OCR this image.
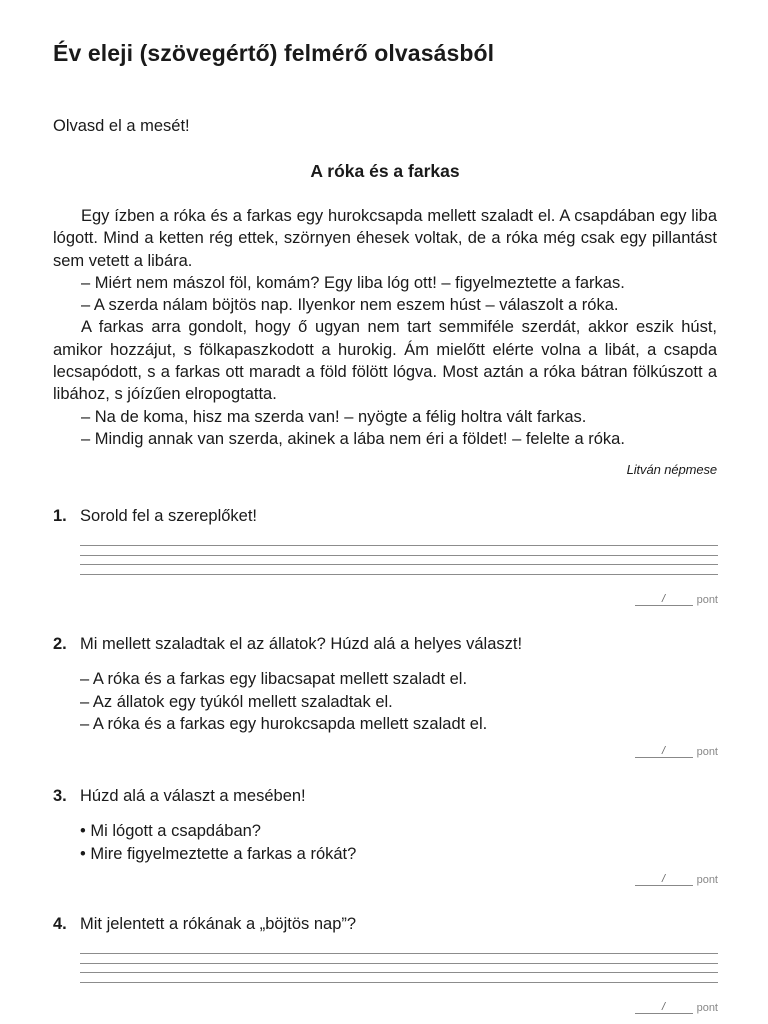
Év eleji (szövegértő) felmérő olvasásból
Olvasd el a mesét!
A róka és a farkas

Egy ízben a róka és a farkas egy hurokcsapda mellett szaladt el. A csapdában egy liba lógott. Mind a ketten rég ettek, szörnyen éhesek voltak, de a róka még csak egy pillantást sem vetett a libára.

– Miért nem mászol föl, komám? Egy liba lóg ott! – figyelmeztette a farkas.

– A szerda nálam böjtös nap. Ilyenkor nem eszem húst – válaszolt a róka.

A farkas arra gondolt, hogy ő ugyan nem tart semmiféle szerdát, akkor eszik húst, amikor hozzájut, s fölkapaszkodott a hurokig. Ám mielőtt elérte volna a libát, a csapda lecsapódott, s a farkas ott maradt a föld fölött lógva. Most aztán a róka bátran fölkúszott a libához, s jóízűen elropogtatta.

– Na de koma, hisz ma szerda van! – nyögte a félig holtra vált farkas.

– Mindig annak van szerda, akinek a lába nem éri a földet! – felelte a róka.

Litván népmese
1. Sorold fel a szereplőket!
/	pont
2. Mi mellett szaladtak el az állatok? Húzd alá a helyes választ!
– A róka és a farkas egy libacsapat mellett szaladt el.
– Az állatok egy tyúkól mellett szaladtak el.
– A róka és a farkas egy hurokcsapda mellett szaladt el.
/	pont
3. Húzd alá a választ a mesében!
• Mi lógott a csapdában?
• Mire figyelmeztette a farkas a rókát?
/	pont
4. Mit jelentett a rókának a „böjtös nap”?
/	pont
